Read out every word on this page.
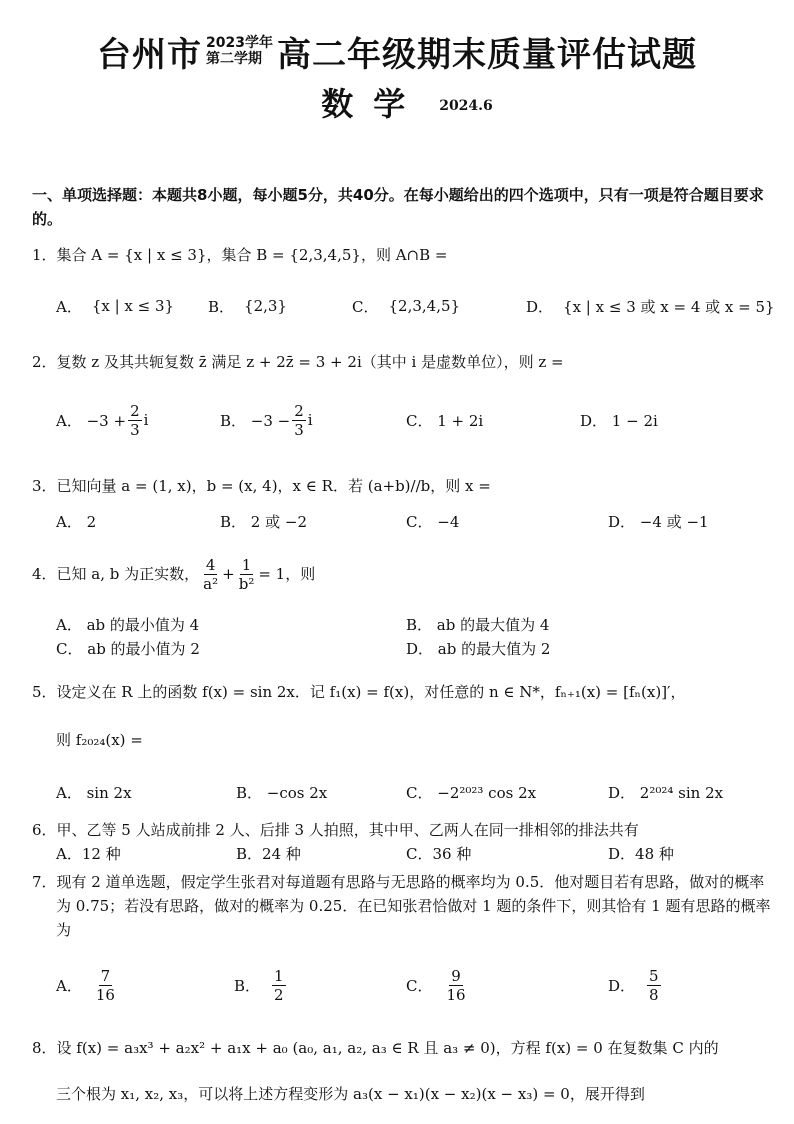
台州市 2023学年
第二学期 高二年级期末质量评估试题
数学 2024.6
一、单项选择题：本题共8小题，每小题5分，共40分。在每小题给出的四个选项中，只有一项是符合题目要求的。
1．集合 A = {x | x ≤ 3}，集合 B = {2,3,4,5}，则 A∩B =
A． {x | x ≤ 3} B． {2,3}	C． {2,3,4,5}	D． {x | x ≤ 3 或 x = 4 或 x = 5}
2．复数 z 及其共轭复数 z̄ 满足 z + 2z̄ = 3 + 2i（其中 i 是虚数单位），则 z =
A． $-3 + \frac{2}{3}$ i	B． $-3 - \frac{2}{3}$ i	C． 1 + 2i	D． 1 − 2i
3．已知向量 a = (1, x)，b = (x, 4)，x ∈ R．若 (a+b)//b，则 x =
A． 2	B． 2 或 −2	C． −4	D． −4 或 −1
4．已知 a, b 为正实数， $\frac{4}{\text{a²}} + \frac{1}{\text{b²}} = 1$，则
A． ab 的最小值为 4	B． ab 的最大值为 4
C． ab 的最小值为 2	D． ab 的最大值为 2
5．设定义在 R 上的函数 f(x) = sin 2x．记 f₁(x) = f(x)，对任意的 n ∈ N*，fₙ₊₁(x) = [fₙ(x)]′，
则 f₂₀₂₄(x) =
A． sin 2x	B． −cos 2x	C． −2²⁰²³ cos 2x	D． 2²⁰²⁴ sin 2x
6．甲、乙等 5 人站成前排 2 人、后排 3 人拍照，其中甲、乙两人在同一排相邻的排法共有
A．12 种	B．24 种	C．36 种	D．48 种
7．现有 2 道单选题，假定学生张君对每道题有思路与无思路的概率均为 0.5．他对题目若有思路，做对的概率为 0.75；若没有思路，做对的概率为 0.25．在已知张君恰做对 1 题的条件下，则其恰有 1 题有思路的概率为
A． $\frac{7}{16}$	B． $\frac{1}{2}$	C． $\frac{9}{16}$	D． $\frac{5}{8}$
8．设 f(x) = a₃x³ + a₂x² + a₁x + a₀ (a₀, a₁, a₂, a₃ ∈ R 且 a₃ ≠ 0)，方程 f(x) = 0 在复数集 C 内的
三个根为 x₁, x₂, x₃，可以将上述方程变形为 a₃(x − x₁)(x − x₂)(x − x₃) = 0，展开得到
